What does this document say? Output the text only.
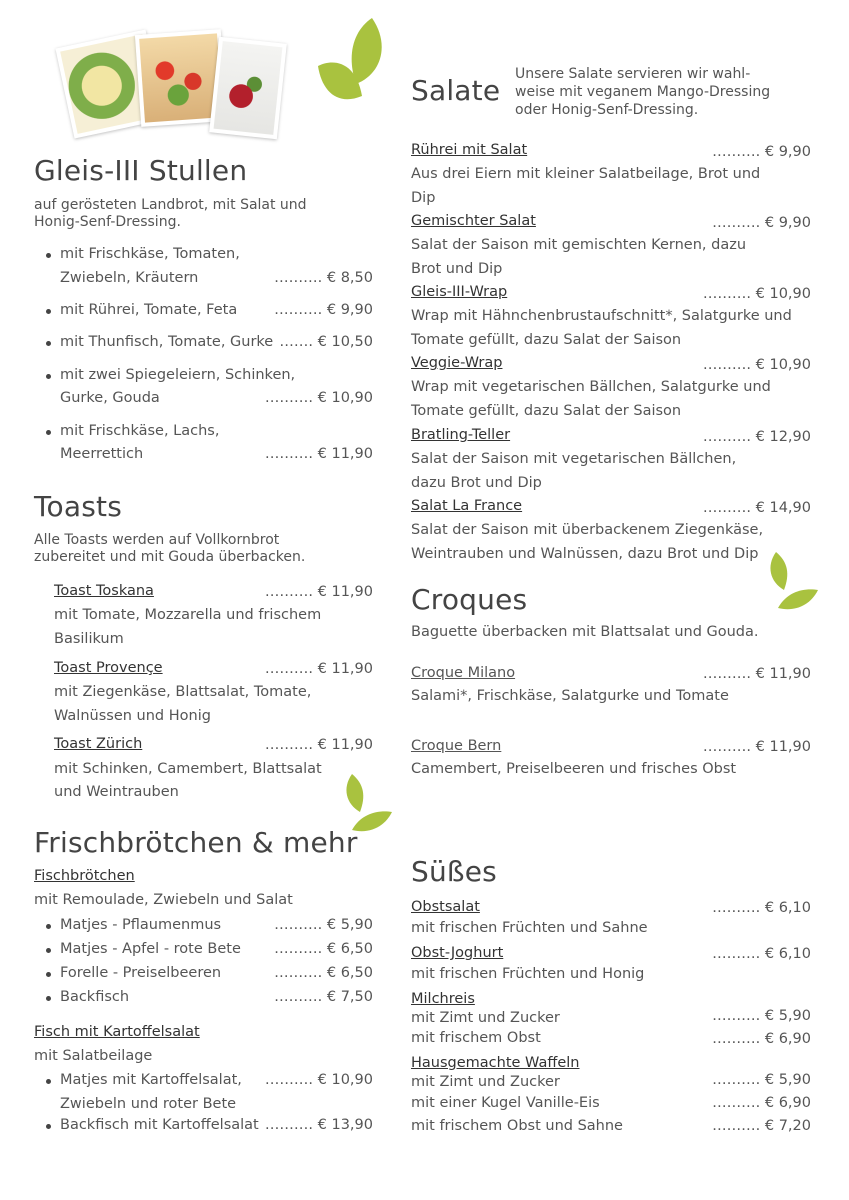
Gleis-III Stullen
auf gerösteten Landbrot, mit Salat und
Honig-Senf-Dressing.
mit Frischkäse, Tomaten,
Zwiebeln, Kräutern	………. € 8,50
mit Rührei, Tomate, Feta	………. € 9,90
mit Thunfisch, Tomate, Gurke ……. € 10,50
mit zwei Spiegeleiern, Schinken,
Gurke, Gouda	………. € 10,90
mit Frischkäse, Lachs,
Meerrettich	………. € 11,90
Toasts
Alle Toasts werden auf Vollkornbrot
zubereitet und mit Gouda überbacken.
Toast Toskana	………. € 11,90
mit Tomate, Mozzarella und frischem
Basilikum
Toast Provençe	………. € 11,90
mit Ziegenkäse, Blattsalat, Tomate,
Walnüssen und Honig
Toast Zürich	………. € 11,90
mit Schinken, Camembert, Blattsalat
und Weintrauben
Frischbrötchen & mehr
Fischbrötchen
mit Remoulade, Zwiebeln und Salat
Matjes - Pflaumenmus	………. € 5,90
Matjes - Apfel - rote Bete ………. € 6,50
Forelle - Preiselbeeren	………. € 6,50
Backfisch	………. € 7,50
Fisch mit Kartoffelsalat
mit Salatbeilage
Matjes mit Kartoffelsalat, ………. € 10,90
Zwiebeln und roter Bete
Backfisch mit Kartoffelsalat ………. € 13,90
Salate Unsere Salate servieren wir wahl-
weise mit veganem Mango-Dressing
oder Honig-Senf-Dressing.
Rührei mit Salat	………. € 9,90
Aus drei Eiern mit kleiner Salatbeilage, Brot und
Dip
Gemischter Salat	………. € 9,90
Salat der Saison mit gemischten Kernen, dazu
Brot und Dip
Gleis-III-Wrap	………. € 10,90
Wrap mit Hähnchenbrustaufschnitt*, Salatgurke und
Tomate gefüllt, dazu Salat der Saison
Veggie-Wrap	………. € 10,90
Wrap mit vegetarischen Bällchen, Salatgurke und
Tomate gefüllt, dazu Salat der Saison
Bratling-Teller	………. € 12,90
Salat der Saison mit vegetarischen Bällchen,
dazu Brot und Dip
Salat La France	………. € 14,90
Salat der Saison mit überbackenem Ziegenkäse,
Weintrauben und Walnüssen, dazu Brot und Dip
Croques
Baguette überbacken mit Blattsalat und Gouda.
Croque Milano	………. € 11,90
Salami*, Frischkäse, Salatgurke und Tomate
Croque Bern	………. € 11,90
Camembert, Preiselbeeren und frisches Obst
Süßes
Obstsalat	………. € 6,10
mit frischen Früchten und Sahne
Obst-Joghurt	………. € 6,10
mit frischen Früchten und Honig
Milchreis
mit Zimt und Zucker	………. € 5,90
mit frischem Obst	………. € 6,90
Hausgemachte Waffeln
mit Zimt und Zucker	………. € 5,90
mit einer Kugel Vanille-Eis	………. € 6,90
mit frischem Obst und Sahne	………. € 7,20
